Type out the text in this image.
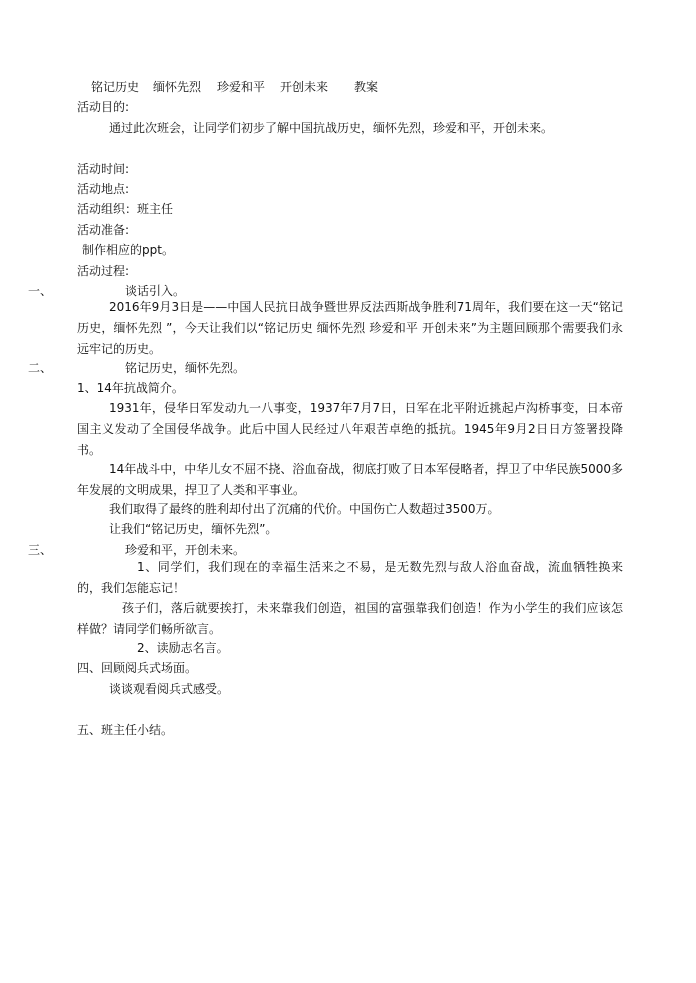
铭记历史 缅怀先烈 珍爱和平 开创未来 教案
活动目的:
通过此次班会，让同学们初步了解中国抗战历史，缅怀先烈，珍爱和平，开创未来。
活动时间:
活动地点:
活动组织：班主任
活动准备:
制作相应的ppt。
活动过程:
一、	谈话引入。
2016年9月3日是——中国人民抗日战争暨世界反法西斯战争胜利71周年，我们要在这一天“铭记历史，缅怀先烈 ”，今天让我们以“铭记历史 缅怀先烈 珍爱和平 开创未来”为主题回顾那个需要我们永远牢记的历史。
二、	铭记历史，缅怀先烈。
1、14年抗战简介。
1931年，侵华日军发动九一八事变，1937年7月7日，日军在北平附近挑起卢沟桥事变，日本帝国主义发动了全国侵华战争。此后中国人民经过八年艰苦卓绝的抵抗。1945年9月2日日方签署投降书。
14年战斗中，中华儿女不屈不挠、浴血奋战，彻底打败了日本军侵略者，捍卫了中华民族5000多年发展的文明成果，捍卫了人类和平事业。
我们取得了最终的胜利却付出了沉痛的代价。中国伤亡人数超过3500万。
让我们“铭记历史，缅怀先烈”。
三、	珍爱和平，开创未来。
1、同学们，我们现在的幸福生活来之不易，是无数先烈与敌人浴血奋战，流血牺牲换来的，我们怎能忘记！
孩子们，落后就要挨打，未来靠我们创造，祖国的富强靠我们创造！作为小学生的我们应该怎样做？请同学们畅所欲言。
2、读励志名言。
四、回顾阅兵式场面。
谈谈观看阅兵式感受。
五、班主任小结。
